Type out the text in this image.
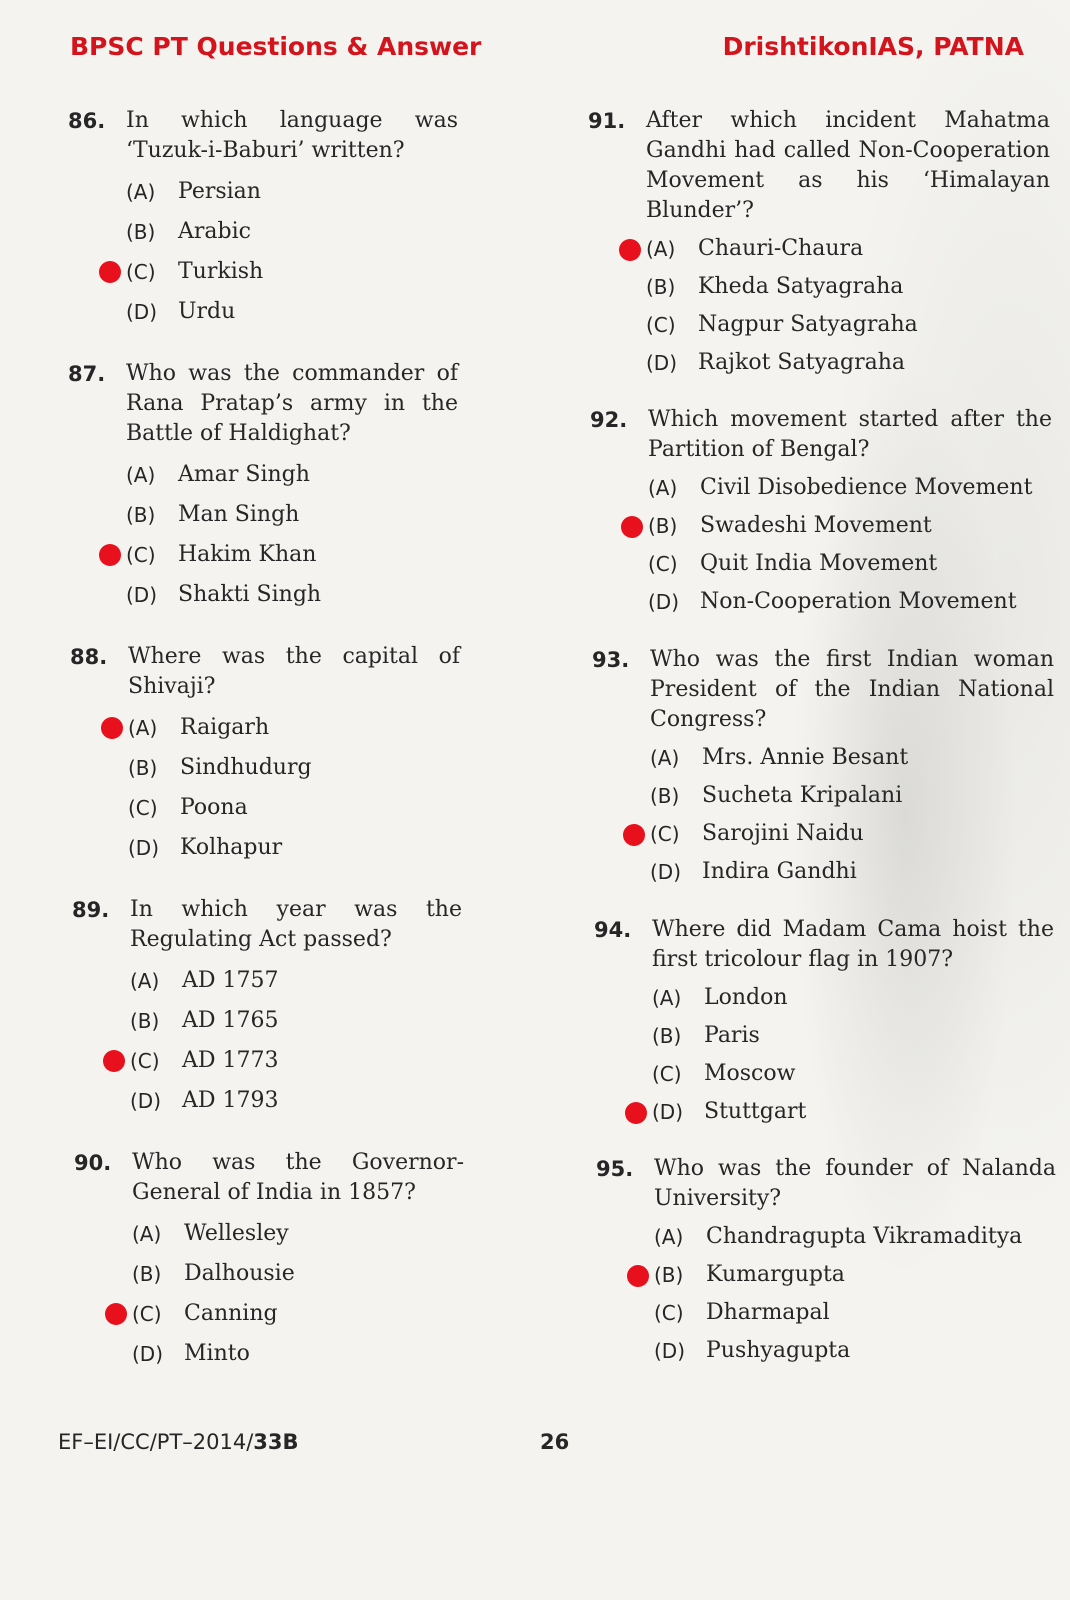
BPSC PT Questions & Answer	DrishtikonIAS, PATNA
86. In which language was ‘Tuzuk-i-Baburi’ written?
(A)	Persian
(B)	Arabic
(C)	Turkish
(D) Urdu
87. Who was the commander of Rana Pratap’s army in the Battle of Haldighat?
(A)	Amar Singh
(B)	Man Singh
(C)	Hakim Khan
(D) Shakti Singh
88. Where was the capital of Shivaji?
(A)	Raigarh
(B)	Sindhudurg
(C)	Poona
(D) Kolhapur
89. In which year was the Regulating Act passed?
(A)	AD 1757
(B)	AD 1765
(C)	AD 1773
(D) AD 1793
90. Who was the Governor-General of India in 1857?
(A)	Wellesley
(B)	Dalhousie
(C)	Canning
(D) Minto
91. After which incident Mahatma Gandhi had called Non-Cooperation Movement as his ‘Himalayan Blunder’?
(A)	Chauri-Chaura
(B)	Kheda Satyagraha
(C)	Nagpur Satyagraha
(D) Rajkot Satyagraha
92. Which movement started after the Partition of Bengal?
(A)	Civil Disobedience Movement
(B)	Swadeshi Movement
(C)	Quit India Movement
(D) Non-Cooperation Movement
93. Who was the first Indian woman President of the Indian National Congress?
(A)	Mrs. Annie Besant
(B)	Sucheta Kripalani
(C)	Sarojini Naidu
(D) Indira Gandhi
94. Where did Madam Cama hoist the first tricolour flag in 1907?
(A)	London
(B)	Paris
(C)	Moscow
(D) Stuttgart
95. Who was the founder of Nalanda University?
(A)	Chandragupta Vikramaditya
(B)	Kumargupta
(C)	Dharmapal
(D) Pushyagupta
EF–EI/CC/PT–2014/33B	26
